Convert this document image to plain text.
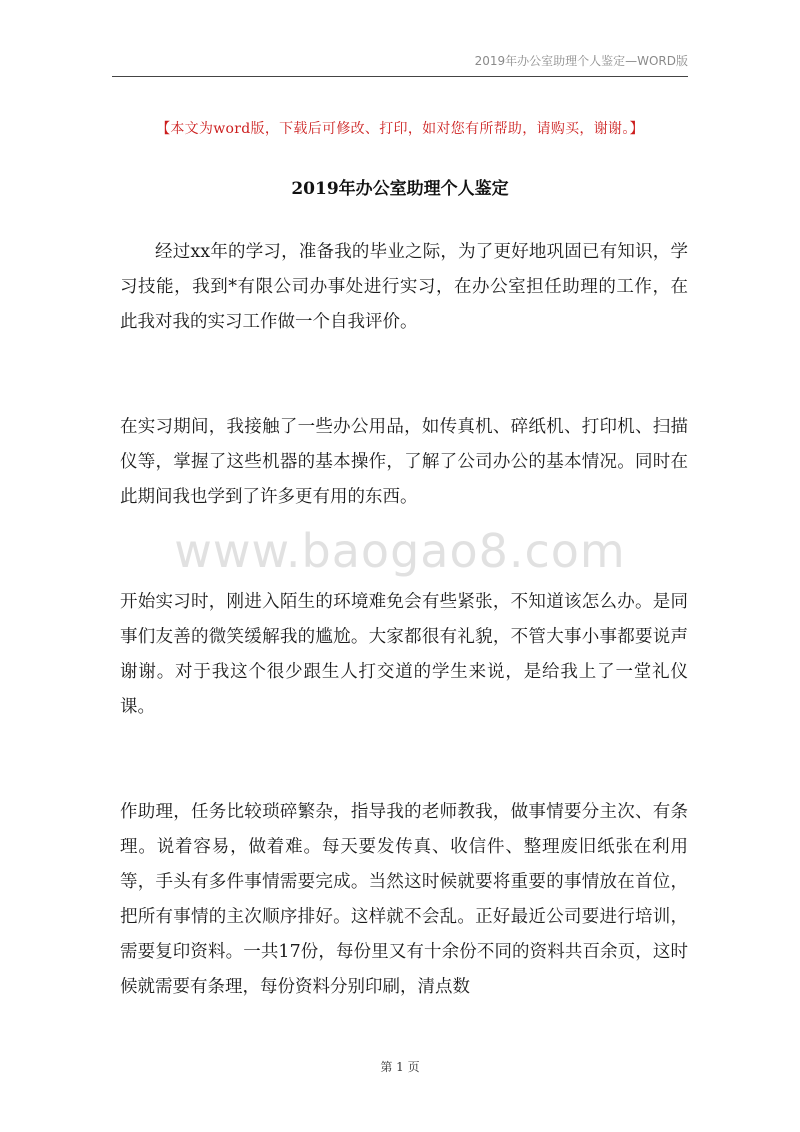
2019年办公室助理个人鉴定—WORD版
【本文为word版，下载后可修改、打印，如对您有所帮助，请购买，谢谢。】
2019年办公室助理个人鉴定
www.baogao8.com

经过xx年的学习，准备我的毕业之际，为了更好地巩固已有知识，学习技能，我到*有限公司办事处进行实习，在办公室担任助理的工作，在此我对我的实习工作做一个自我评价。

在实习期间，我接触了一些办公用品，如传真机、碎纸机、打印机、扫描仪等，掌握了这些机器的基本操作，了解了公司办公的基本情况。同时在此期间我也学到了许多更有用的东西。

开始实习时，刚进入陌生的环境难免会有些紧张，不知道该怎么办。是同事们友善的微笑缓解我的尴尬。大家都很有礼貌，不管大事小事都要说声谢谢。对于我这个很少跟生人打交道的学生来说，是给我上了一堂礼仪课。

作助理，任务比较琐碎繁杂，指导我的老师教我，做事情要分主次、有条理。说着容易，做着难。每天要发传真、收信件、整理废旧纸张在利用等，手头有多件事情需要完成。当然这时候就要将重要的事情放在首位，把所有事情的主次顺序排好。这样就不会乱。正好最近公司要进行培训，需要复印资料。一共17份，每份里又有十余份不同的资料共百余页，这时候就需要有条理，每份资料分别印刷，清点数

第 1 页
